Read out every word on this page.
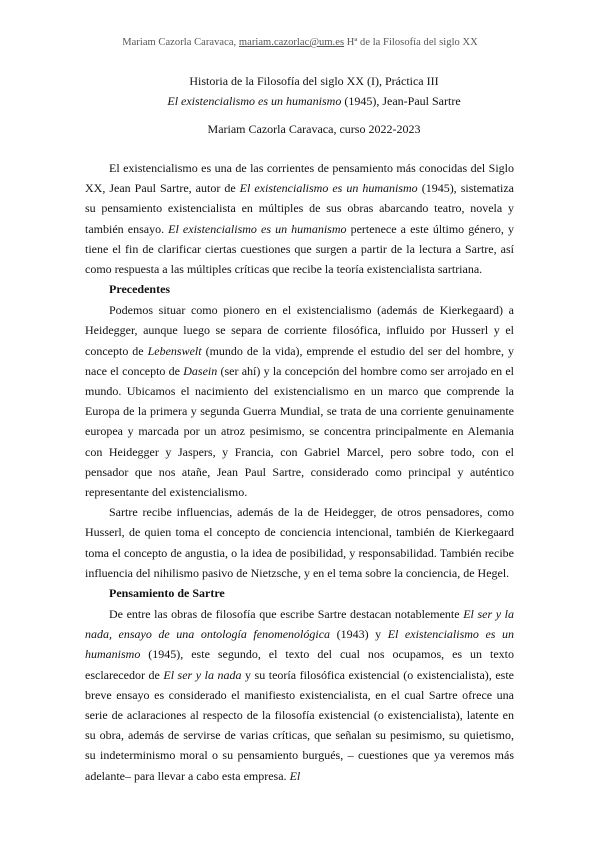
Mariam Cazorla Caravaca, mariam.cazorlac@um.es Hª de la Filosofía del siglo XX
Historia de la Filosofía del siglo XX (I), Práctica III
El existencialismo es un humanismo (1945), Jean-Paul Sartre
Mariam Cazorla Caravaca, curso 2022-2023

El existencialismo es una de las corrientes de pensamiento más conocidas del Siglo XX, Jean Paul Sartre, autor de El existencialismo es un humanismo (1945), sistematiza su pensamiento existencialista en múltiples de sus obras abarcando teatro, novela y también ensayo. El existencialismo es un humanismo pertenece a este último género, y tiene el fin de clarificar ciertas cuestiones que surgen a partir de la lectura a Sartre, así como respuesta a las múltiples críticas que recibe la teoría existencialista sartriana.

Precedentes

Podemos situar como pionero en el existencialismo (además de Kierkegaard) a Heidegger, aunque luego se separa de corriente filosófica, influido por Husserl y el concepto de Lebenswelt (mundo de la vida), emprende el estudio del ser del hombre, y nace el concepto de Dasein (ser ahí) y la concepción del hombre como ser arrojado en el mundo. Ubicamos el nacimiento del existencialismo en un marco que comprende la Europa de la primera y segunda Guerra Mundial, se trata de una corriente genuinamente europea y marcada por un atroz pesimismo, se concentra principalmente en Alemania con Heidegger y Jaspers, y Francia, con Gabriel Marcel, pero sobre todo, con el pensador que nos atañe, Jean Paul Sartre, considerado como principal y auténtico representante del existencialismo.

Sartre recibe influencias, además de la de Heidegger, de otros pensadores, como Husserl, de quien toma el concepto de conciencia intencional, también de Kierkegaard toma el concepto de angustia, o la idea de posibilidad, y responsabilidad. También recibe influencia del nihilismo pasivo de Nietzsche, y en el tema sobre la conciencia, de Hegel.

Pensamiento de Sartre

De entre las obras de filosofía que escribe Sartre destacan notablemente El ser y la nada, ensayo de una ontología fenomenológica (1943) y El existencialismo es un humanismo (1945), este segundo, el texto del cual nos ocupamos, es un texto esclarecedor de El ser y la nada y su teoría filosófica existencial (o existencialista), este breve ensayo es considerado el manifiesto existencialista, en el cual Sartre ofrece una serie de aclaraciones al respecto de la filosofía existencial (o existencialista), latente en su obra, además de servirse de varias críticas, que señalan su pesimismo, su quietismo, su indeterminismo moral o su pensamiento burgués, – cuestiones que ya veremos más adelante– para llevar a cabo esta empresa. El
